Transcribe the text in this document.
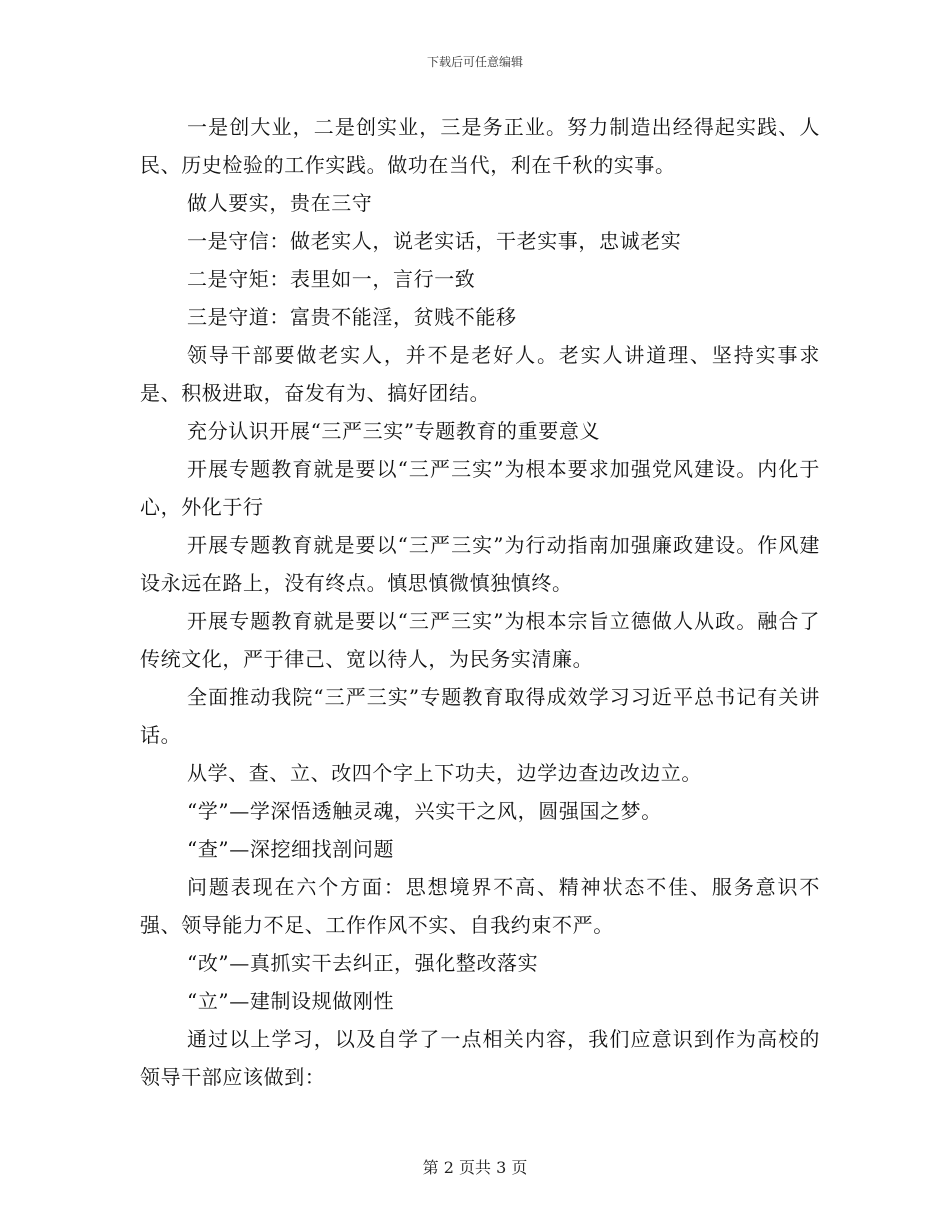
下载后可任意编辑

一是创大业，二是创实业，三是务正业。努力制造出经得起实践、人民、历史检验的工作实践。做功在当代，利在千秋的实事。

做人要实，贵在三守

一是守信：做老实人，说老实话，干老实事，忠诚老实

二是守矩：表里如一，言行一致

三是守道：富贵不能淫，贫贱不能移

领导干部要做老实人，并不是老好人。老实人讲道理、坚持实事求是、积极进取，奋发有为、搞好团结。

充分认识开展“三严三实”专题教育的重要意义

开展专题教育就是要以“三严三实”为根本要求加强党风建设。内化于心，外化于行

开展专题教育就是要以“三严三实”为行动指南加强廉政建设。作风建设永远在路上，没有终点。慎思慎微慎独慎终。

开展专题教育就是要以“三严三实”为根本宗旨立德做人从政。融合了传统文化，严于律己、宽以待人，为民务实清廉。

全面推动我院“三严三实”专题教育取得成效学习习近平总书记有关讲话。

从学、查、立、改四个字上下功夫，边学边查边改边立。

“学”—学深悟透触灵魂，兴实干之风，圆强国之梦。

“查”—深挖细找剖问题

问题表现在六个方面：思想境界不高、精神状态不佳、服务意识不强、领导能力不足、工作作风不实、自我约束不严。

“改”—真抓实干去纠正，强化整改落实

“立”—建制设规做刚性

通过以上学习，以及自学了一点相关内容，我们应意识到作为高校的领导干部应该做到：

第 2 页共 3 页
